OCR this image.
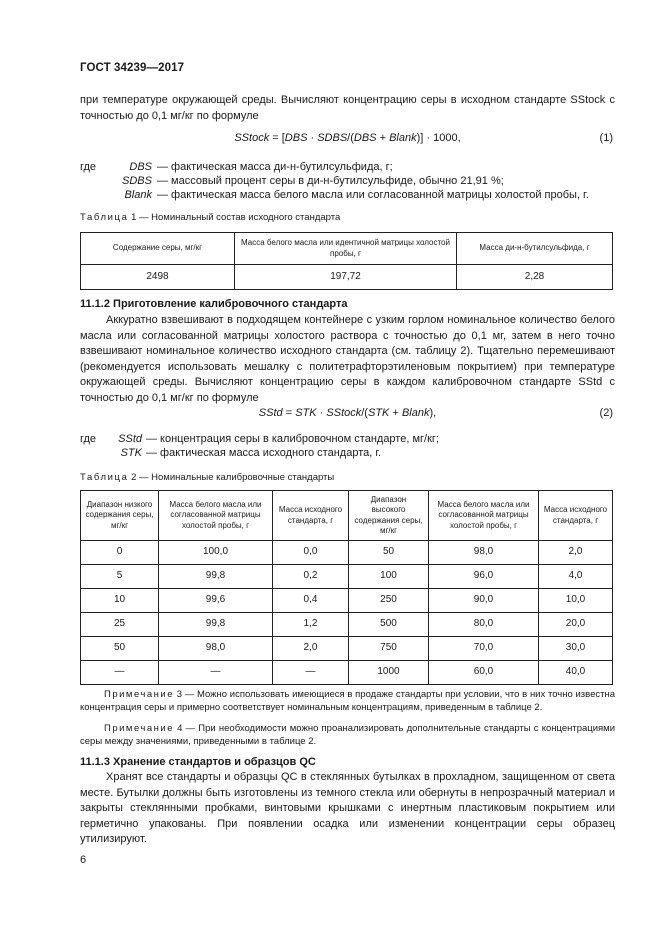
ГОСТ 34239—2017
при температуре окружающей среды. Вычисляют концентрацию серы в исходном стандарте SStock с точностью до 0,1 мг/кг по формуле
SStock = [DBS · SDBS/(DBS + Blank)] · 1000,	(1)
где	DBS — фактическая масса ди-н-бутилсульфида, г;
SDBS — массовый процент серы в ди-н-бутилсульфиде, обычно 21,91 %;
Blank — фактическая масса белого масла или согласованной матрицы холостой пробы, г.
Таблица 1 — Номинальный состав исходного стандарта
Содержание серы, мг/кг	Масса белого масла или идентичной матрицы холостой пробы, г	Масса ди-н-бутилсульфида, г
2498	197,72	2,28
11.1.2 Приготовление калибровочного стандарта
Аккуратно взвешивают в подходящем контейнере с узким горлом номинальное количество белого масла или согласованной матрицы холостого раствора с точностью до 0,1 мг, затем в него точно взвешивают номинальное количество исходного стандарта (см. таблицу 2). Тщательно перемешивают (рекомендуется использовать мешалку с политетрафторэтиленовым покрытием) при температуре окружающей среды. Вычисляют концентрацию серы в каждом калибровочном стандарте SStd с точностью до 0,1 мг/кг по формуле
SStd = STK · SStock/(STK + Blank),	(2)
где	SStd — концентрация серы в калибровочном стандарте, мг/кг;
STK — фактическая масса исходного стандарта, г.
Таблица 2 — Номинальные калибровочные стандарты
Диапазон низкого содержания серы, мг/кг	Масса белого масла или согласованной матрицы холостой пробы, г	Масса исходного стандарта, г	Диапазон высокого содержания серы, мг/кг	Масса белого масла или согласованной матрицы холостой пробы, г	Масса исходного стандарта, г
0	100,0	0,0	50	98,0	2,0
5	99,8	0,2	100	96,0	4,0
10	99,6	0,4	250	90,0	10,0
25	99,8	1,2	500	80,0	20,0
50	98,0	2,0	750	70,0	30,0
—	—	—	1000	60,0	40,0
Примечание 3 — Можно использовать имеющиеся в продаже стандарты при условии, что в них точно известна концентрация серы и примерно соответствует номинальным концентрациям, приведенным в таблице 2.
Примечание 4 — При необходимости можно проанализировать дополнительные стандарты с концентрациями серы между значениями, приведенными в таблице 2.
11.1.3 Хранение стандартов и образцов QC
Хранят все стандарты и образцы QC в стеклянных бутылках в прохладном, защищенном от света месте. Бутылки должны быть изготовлены из темного стекла или обернуты в непрозрачный материал и закрыты стеклянными пробками, винтовыми крышками с инертным пластиковым покрытием или герметично упакованы. При появлении осадка или изменении концентрации серы образец утилизируют.
6
